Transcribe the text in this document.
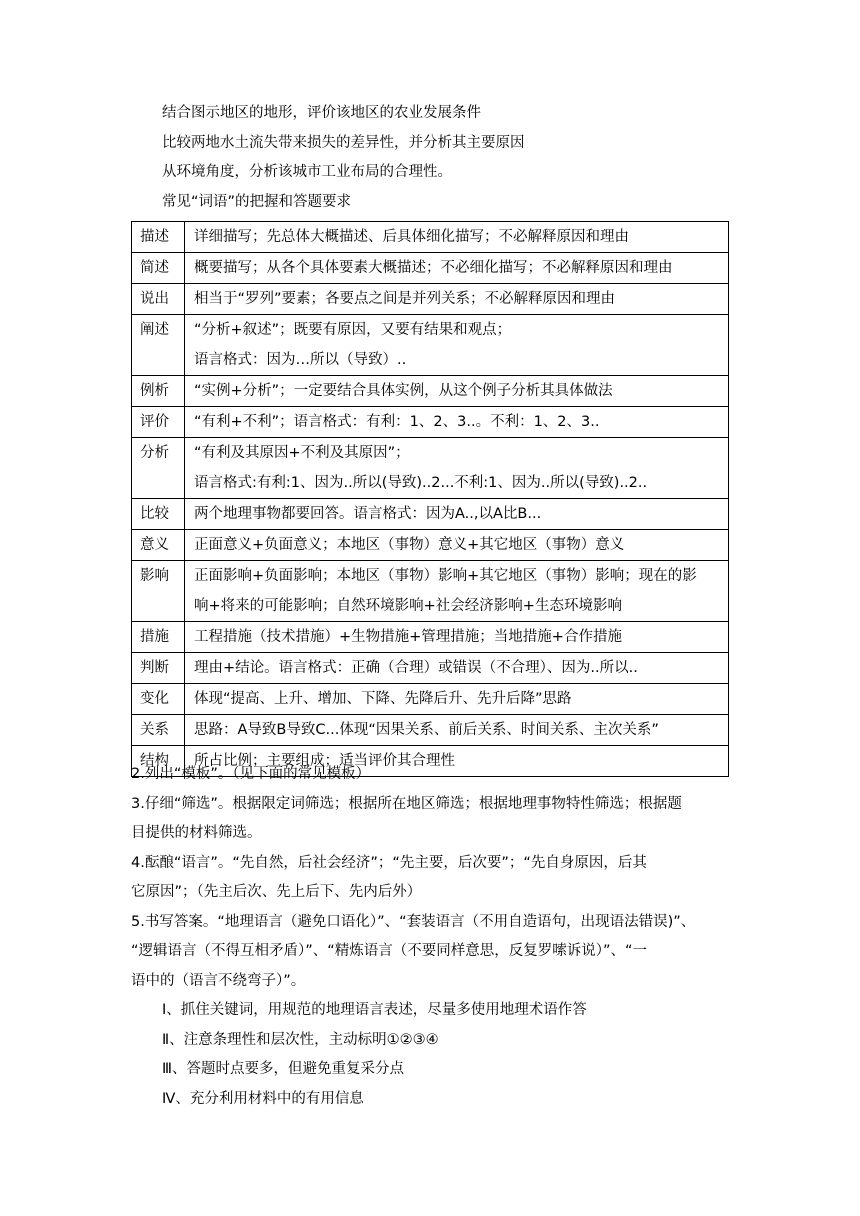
结合图示地区的地形，评价该地区的农业发展条件
比较两地水土流失带来损失的差异性，并分析其主要原因
从环境角度，分析该城市工业布局的合理性。
常见“词语”的把握和答题要求
描述	详细描写；先总体大概描述、后具体细化描写；不必解释原因和理由

简述	概要描写；从各个具体要素大概描述；不必细化描写；不必解释原因和理由

说出	相当于“罗列”要素；各要点之间是并列关系；不必解释原因和理由

阐述	“分析+叙述”；既要有原因，又要有结果和观点；
语言格式：因为…所以（导致）..

例析	“实例+分析”；一定要结合具体实例，从这个例子分析其具体做法

评价	“有利+不利”；语言格式：有利：1、2、3..。不利：1、2、3..

分析	“有利及其原因+不利及其原因”；
语言格式:有利:1、因为..所以(导致)..2...不利:1、因为..所以(导致)..2..

比较	两个地理事物都要回答。语言格式：因为A..,以A比B...

意义	正面意义+负面意义；本地区（事物）意义+其它地区（事物）意义

影响	正面影响+负面影响；本地区（事物）影响+其它地区（事物）影响；现在的影
响+将来的可能影响；自然环境影响+社会经济影响+生态环境影响

措施	工程措施（技术措施）+生物措施+管理措施；当地措施+合作措施

判断	理由+结论。语言格式：正确（合理）或错误（不合理）、因为..所以..

变化	体现“提高、上升、增加、下降、先降后升、先升后降”思路

关系	思路：A导致B导致C...体现“因果关系、前后关系、时间关系、主次关系”

结构	所占比例；主要组成；适当评价其合理性
2.列出“模板”。（见下面的常见模板）
3.仔细“筛选”。根据限定词筛选；根据所在地区筛选；根据地理事物特性筛选；根据题
目提供的材料筛选。
4.酝酿“语言”。“先自然，后社会经济”；“先主要，后次要”；“先自身原因，后其
它原因”；（先主后次、先上后下、先内后外）
5.书写答案。“地理语言（避免口语化）”、“套装语言（不用自造语句，出现语法错误)”、
“逻辑语言（不得互相矛盾）”、“精炼语言（不要同样意思，反复罗嗦诉说）”、“一
语中的（语言不绕弯子）”。
Ⅰ、抓住关键词，用规范的地理语言表述，尽量多使用地理术语作答
Ⅱ、注意条理性和层次性，主动标明①②③④
Ⅲ、答题时点要多，但避免重复采分点
Ⅳ、充分利用材料中的有用信息
